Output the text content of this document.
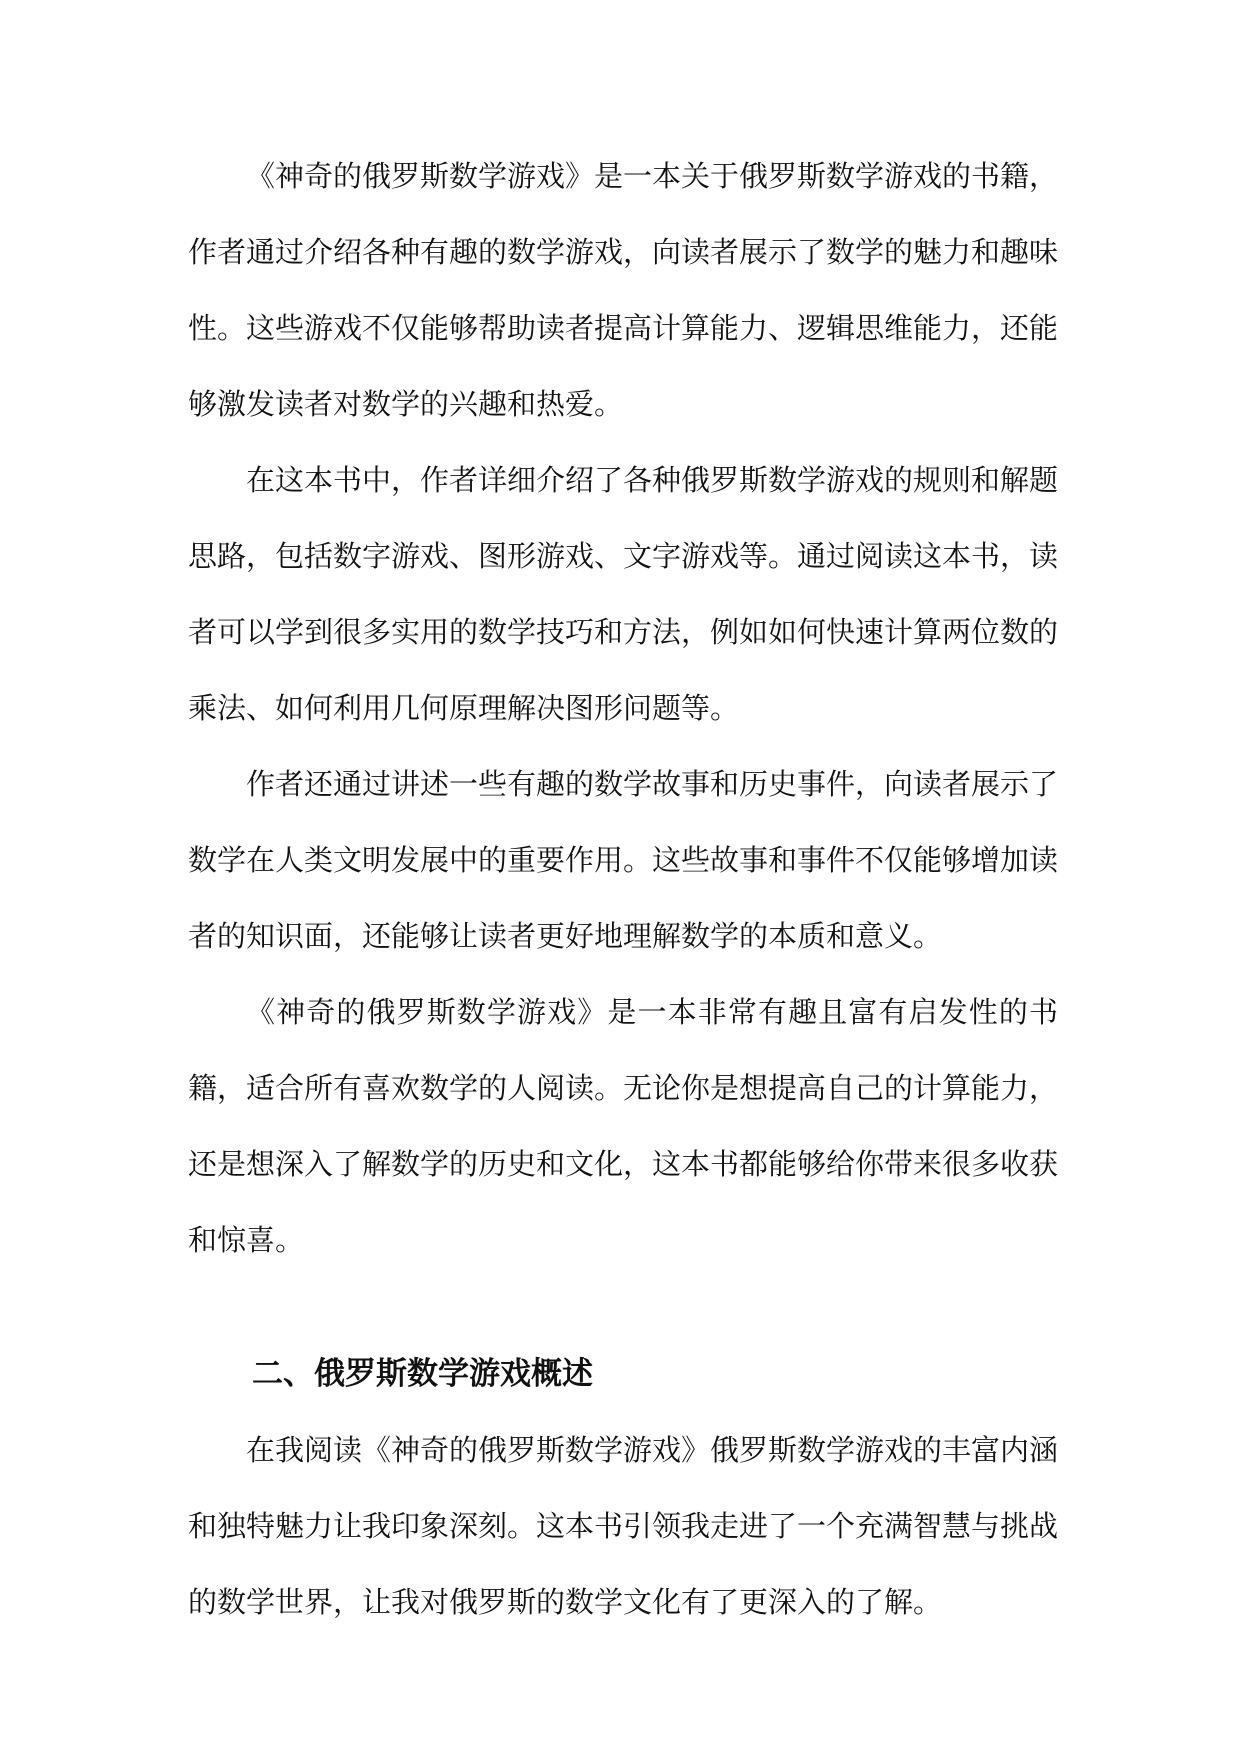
《神奇的俄罗斯数学游戏》是一本关于俄罗斯数学游戏的书籍，作者通过介绍各种有趣的数学游戏，向读者展示了数学的魅力和趣味性。这些游戏不仅能够帮助读者提高计算能力、逻辑思维能力，还能够激发读者对数学的兴趣和热爱。

在这本书中，作者详细介绍了各种俄罗斯数学游戏的规则和解题思路，包括数字游戏、图形游戏、文字游戏等。通过阅读这本书，读者可以学到很多实用的数学技巧和方法，例如如何快速计算两位数的乘法、如何利用几何原理解决图形问题等。

作者还通过讲述一些有趣的数学故事和历史事件，向读者展示了数学在人类文明发展中的重要作用。这些故事和事件不仅能够增加读者的知识面，还能够让读者更好地理解数学的本质和意义。

《神奇的俄罗斯数学游戏》是一本非常有趣且富有启发性的书籍，适合所有喜欢数学的人阅读。无论你是想提高自己的计算能力，还是想深入了解数学的历史和文化，这本书都能够给你带来很多收获和惊喜。

二、俄罗斯数学游戏概述

在我阅读《神奇的俄罗斯数学游戏》俄罗斯数学游戏的丰富内涵和独特魅力让我印象深刻。这本书引领我走进了一个充满智慧与挑战的数学世界，让我对俄罗斯的数学文化有了更深入的了解。
